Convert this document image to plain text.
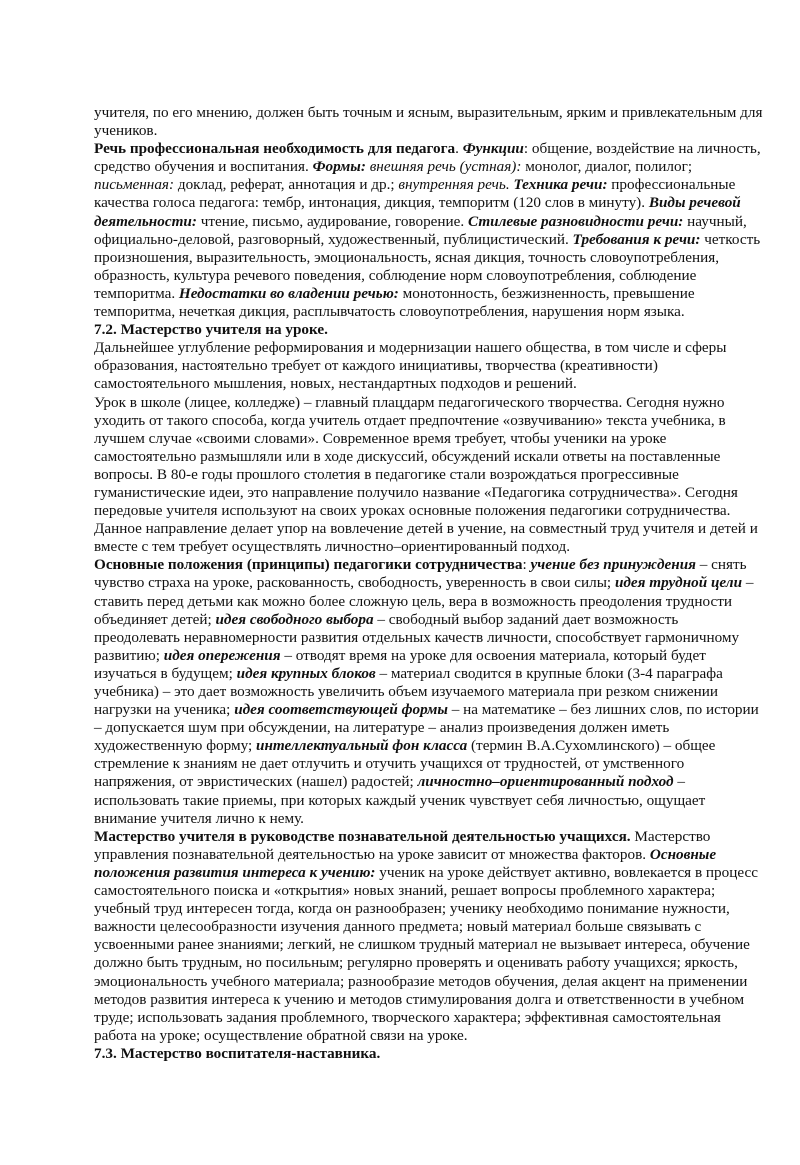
учителя, по его мнению, должен быть точным и ясным, выразительным, ярким и привлекательным для учеников.

Речь профессиональная необходимость для педагога. Функции: общение, воздействие на личность, средство обучения и воспитания. Формы: внешняя речь (устная): монолог, диалог, полилог; письменная: доклад, реферат, аннотация и др.; внутренняя речь. Техника речи: профессиональные качества голоса педагога: тембр, интонация, дикция, темпоритм (120 слов в минуту). Виды речевой деятельности: чтение, письмо, аудирование, говорение. Стилевые разновидности речи: научный, официально-деловой, разговорный, художественный, публицистический. Требования к речи: четкость произношения, выразительность, эмоциональность, ясная дикция, точность словоупотребления, образность, культура речевого поведения, соблюдение норм словоупотребления, соблюдение темпоритма. Недостатки во владении речью: монотонность, безжизненность, превышение темпоритма, нечеткая дикция, расплывчатость словоупотребления, нарушения норм языка.

7.2. Мастерство учителя на уроке.

Дальнейшее углубление реформирования и модернизации нашего общества, в том числе и сферы образования, настоятельно требует от каждого инициативы, творчества (креативности) самостоятельного мышления, новых, нестандартных подходов и решений.

Урок в школе (лицее, колледже) – главный плацдарм педагогического творчества. Сегодня нужно уходить от такого способа, когда учитель отдает предпочтение «озвучиванию» текста учебника, в лучшем случае «своими словами». Современное время требует, чтобы ученики на уроке самостоятельно размышляли или в ходе дискуссий, обсуждений искали ответы на поставленные вопросы. В 80-е годы прошлого столетия в педагогике стали возрождаться прогрессивные гуманистические идеи, это направление получило название «Педагогика сотрудничества». Сегодня передовые учителя используют на своих уроках основные положения педагогики сотрудничества. Данное направление делает упор на вовлечение детей в учение, на совместный труд учителя и детей и вместе с тем требует осуществлять личностно–ориентированный подход.

Основные положения (принципы) педагогики сотрудничества: учение без принуждения – снять чувство страха на уроке, раскованность, свободность, уверенность в свои силы; идея трудной цели – ставить перед детьми как можно более сложную цель, вера в возможность преодоления трудности объединяет детей; идея свободного выбора – свободный выбор заданий дает возможность преодолевать неравномерности развития отдельных качеств личности, способствует гармоничному развитию; идея опережения – отводят время на уроке для освоения материала, который будет изучаться в будущем; идея крупных блоков – материал сводится в крупные блоки (3-4 параграфа учебника) – это дает возможность увеличить объем изучаемого материала при резком снижении нагрузки на ученика; идея соответствующей формы – на математике – без лишних слов, по истории – допускается шум при обсуждении, на литературе – анализ произведения должен иметь художественную форму; интеллектуальный фон класса (термин В.А.Сухомлинского) – общее стремление к знаниям не дает отлучить и отучить учащихся от трудностей, от умственного напряжения, от эвристических (нашел) радостей; личностно–ориентированный подход – использовать такие приемы, при которых каждый ученик чувствует себя личностью, ощущает внимание учителя лично к нему.

Мастерство учителя в руководстве познавательной деятельностью учащихся. Мастерство управления познавательной деятельностью на уроке зависит от множества факторов. Основные положения развития интереса к учению: ученик на уроке действует активно, вовлекается в процесс самостоятельного поиска и «открытия» новых знаний, решает вопросы проблемного характера; учебный труд интересен тогда, когда он разнообразен; ученику необходимо понимание нужности, важности целесообразности изучения данного предмета; новый материал больше связывать с усвоенными ранее знаниями; легкий, не слишком трудный материал не вызывает интереса, обучение должно быть трудным, но посильным; регулярно проверять и оценивать работу учащихся; яркость, эмоциональность учебного материала; разнообразие методов обучения, делая акцент на применении методов развития интереса к учению и методов стимулирования долга и ответственности в учебном труде; использовать задания проблемного, творческого характера; эффективная самостоятельная работа на уроке; осуществление обратной связи на уроке.

7.3. Мастерство воспитателя-наставника.
